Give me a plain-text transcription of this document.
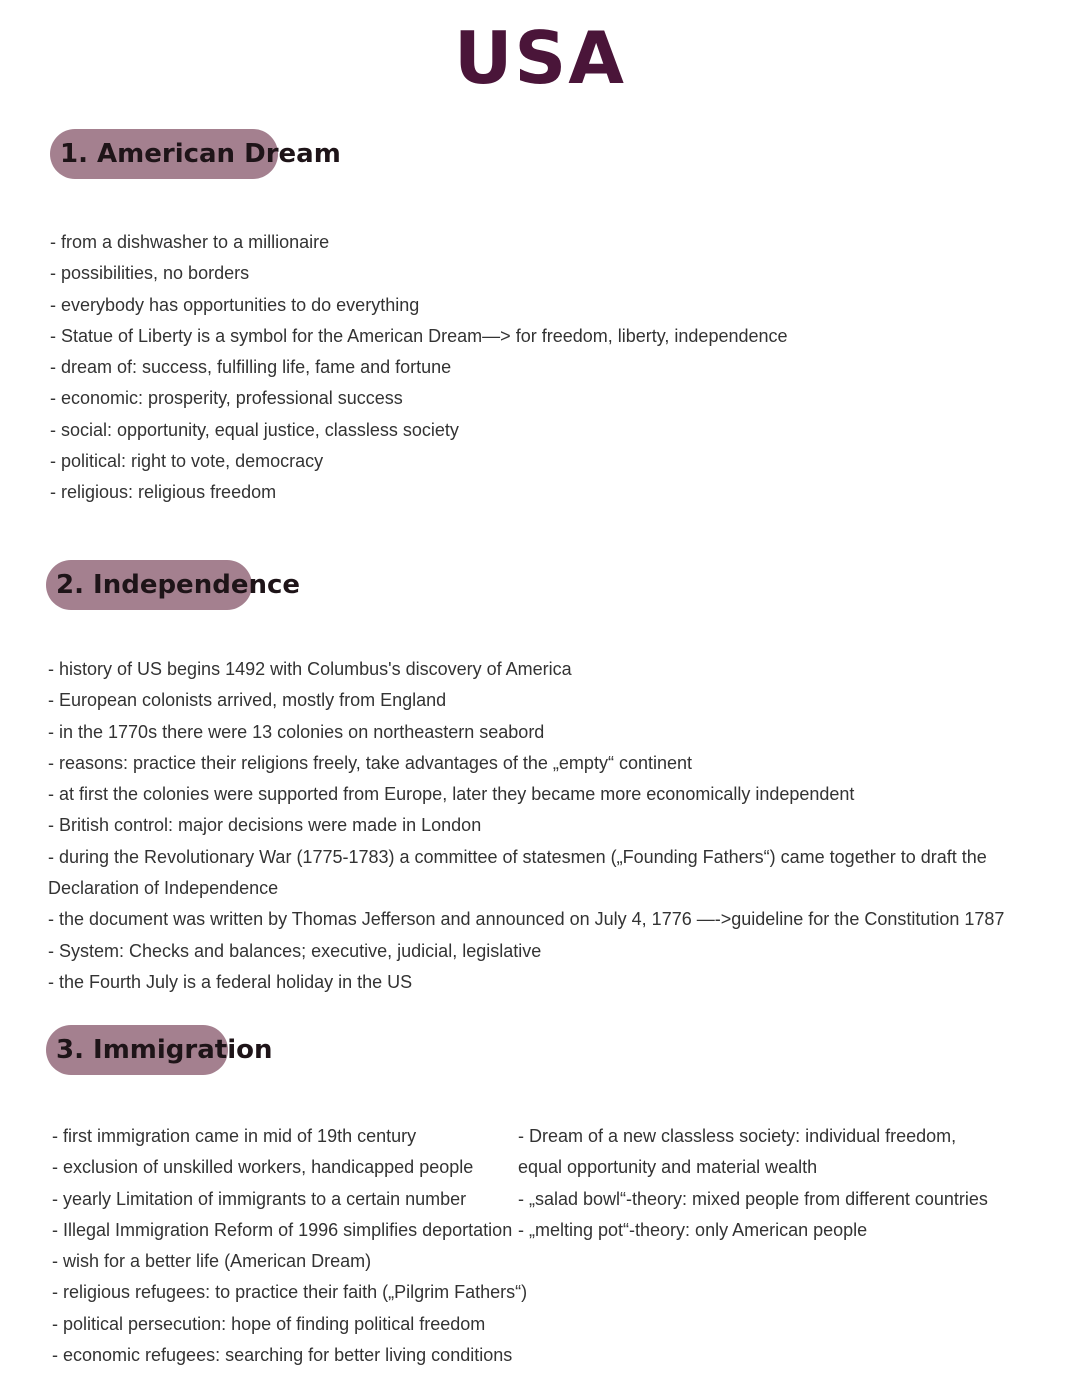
USA
1. American Dream
- from a dishwasher to a millionaire
- possibilities, no borders
- everybody has opportunities to do everything
- Statue of Liberty is a symbol for the American Dream—> for freedom, liberty, independence
- dream of: success, fulfilling life, fame and fortune
- economic: prosperity, professional success
- social: opportunity, equal justice, classless society
- political: right to vote, democracy
- religious: religious freedom
2. Independence
- history of US begins 1492 with Columbus's discovery of America
- European colonists arrived, mostly from England
- in the 1770s there were 13 colonies on northeastern seabord
- reasons: practice their religions freely, take advantages of the „empty“ continent
- at first the colonies were supported from Europe, later they became more economically independent
- British control: major decisions were made in London
- during the Revolutionary War (1775-1783) a committee of statesmen („Founding Fathers“) came together to draft the Declaration of Independence
- the document was written by Thomas Jefferson and announced on July 4, 1776 —->guideline for the Constitution 1787
- System: Checks and balances; executive, judicial, legislative
- the Fourth July is a federal holiday in the US
3. Immigration
- first immigration came in mid of 19th century
- exclusion of unskilled workers, handicapped people
- yearly Limitation of immigrants to a certain number
- Illegal Immigration Reform of 1996 simplifies deportation
- wish for a better life (American Dream)
- religious refugees: to practice their faith („Pilgrim Fathers“)
- political persecution: hope of finding political freedom
- economic refugees: searching for better living conditions
- Dream of a new classless society: individual freedom, equal opportunity and material wealth
- „salad bowl“-theory: mixed people from different countries
- „melting pot“-theory: only American people
